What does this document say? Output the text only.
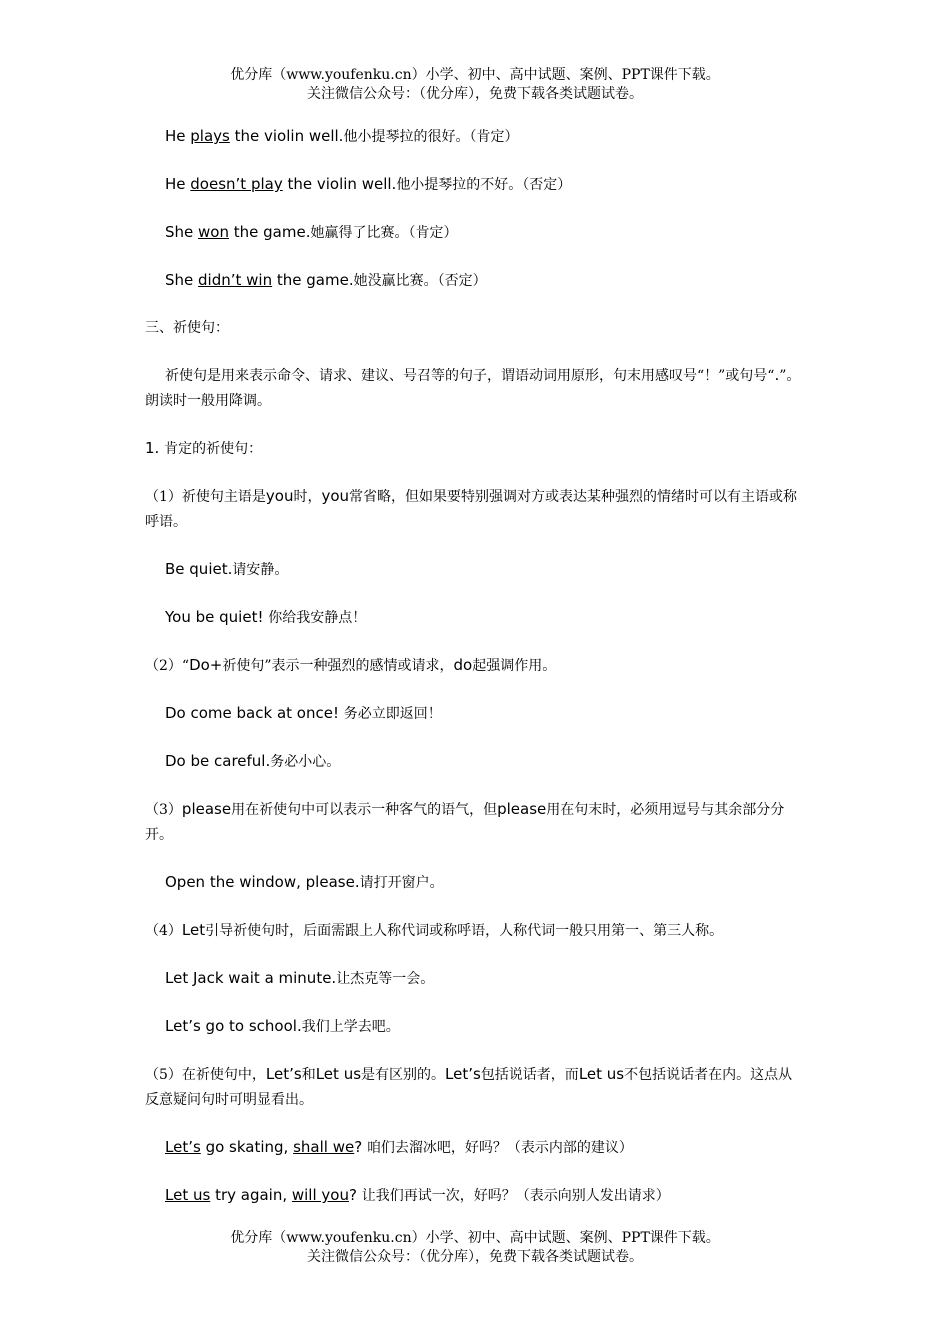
优分库（www.youfenku.cn）小学、初中、高中试题、案例、PPT课件下载。
关注微信公众号：（优分库），免费下载各类试题试卷。

He plays the violin well.他小提琴拉的很好。（肯定）

He doesn’t play the violin well.他小提琴拉的不好。（否定）

She won the game.她赢得了比赛。（肯定）

She didn’t win the game.她没赢比赛。（否定）

三、祈使句：

祈使句是用来表示命令、请求、建议、号召等的句子，谓语动词用原形，句末用感叹号“！”或句号“.”。朗读时一般用降调。

1. 肯定的祈使句：

（1）祈使句主语是you时，you常省略，但如果要特别强调对方或表达某种强烈的情绪时可以有主语或称呼语。

Be quiet.请安静。

You be quiet! 你给我安静点！

（2）“Do+祈使句”表示一种强烈的感情或请求，do起强调作用。

Do come back at once! 务必立即返回！

Do be careful.务必小心。

（3）please用在祈使句中可以表示一种客气的语气，但please用在句末时，必须用逗号与其余部分分开。

Open the window, please.请打开窗户。

（4）Let引导祈使句时，后面需跟上人称代词或称呼语，人称代词一般只用第一、第三人称。

Let Jack wait a minute.让杰克等一会。

Let’s go to school.我们上学去吧。

（5）在祈使句中，Let’s和Let us是有区别的。Let’s包括说话者，而Let us不包括说话者在内。这点从反意疑问句时可明显看出。

Let’s go skating, shall we? 咱们去溜冰吧，好吗？（表示内部的建议）

Let us try again, will you? 让我们再试一次，好吗？（表示向别人发出请求）

优分库（www.youfenku.cn）小学、初中、高中试题、案例、PPT课件下载。
关注微信公众号：（优分库），免费下载各类试题试卷。
